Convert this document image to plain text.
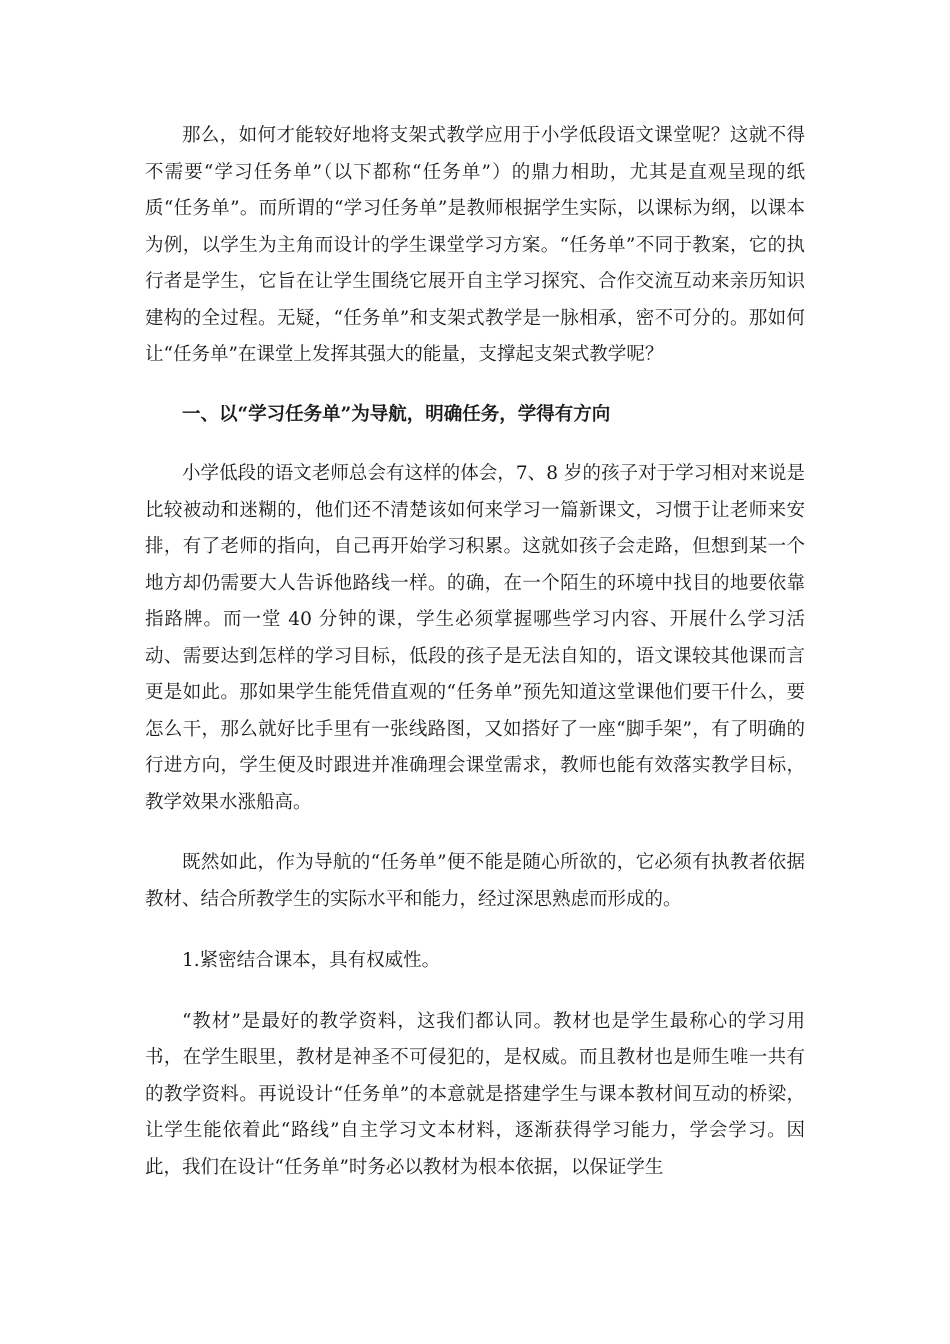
那么，如何才能较好地将支架式教学应用于小学低段语文课堂呢？这就不得不需要“学习任务单”（以下都称“任务单”）的鼎力相助，尤其是直观呈现的纸质“任务单”。而所谓的“学习任务单”是教师根据学生实际，以课标为纲，以课本为例，以学生为主角而设计的学生课堂学习方案。“任务单”不同于教案，它的执行者是学生，它旨在让学生围绕它展开自主学习探究、合作交流互动来亲历知识建构的全过程。无疑，“任务单”和支架式教学是一脉相承，密不可分的。那如何让“任务单”在课堂上发挥其强大的能量，支撑起支架式教学呢？

一、以“学习任务单”为导航，明确任务，学得有方向

小学低段的语文老师总会有这样的体会，7、8 岁的孩子对于学习相对来说是比较被动和迷糊的，他们还不清楚该如何来学习一篇新课文，习惯于让老师来安排，有了老师的指向，自己再开始学习积累。这就如孩子会走路，但想到某一个地方却仍需要大人告诉他路线一样。的确，在一个陌生的环境中找目的地要依靠指路牌。而一堂 40 分钟的课，学生必须掌握哪些学习内容、开展什么学习活动、需要达到怎样的学习目标，低段的孩子是无法自知的，语文课较其他课而言更是如此。那如果学生能凭借直观的“任务单”预先知道这堂课他们要干什么，要怎么干，那么就好比手里有一张线路图，又如搭好了一座“脚手架”，有了明确的行进方向，学生便及时跟进并准确理会课堂需求，教师也能有效落实教学目标，教学效果水涨船高。

既然如此，作为导航的“任务单”便不能是随心所欲的，它必须有执教者依据教材、结合所教学生的实际水平和能力，经过深思熟虑而形成的。

1.紧密结合课本，具有权威性。

“教材”是最好的教学资料，这我们都认同。教材也是学生最称心的学习用书，在学生眼里，教材是神圣不可侵犯的，是权威。而且教材也是师生唯一共有的教学资料。再说设计“任务单”的本意就是搭建学生与课本教材间互动的桥梁，让学生能依着此“路线”自主学习文本材料，逐渐获得学习能力，学会学习。因此，我们在设计“任务单”时务必以教材为根本依据，以保证学生
